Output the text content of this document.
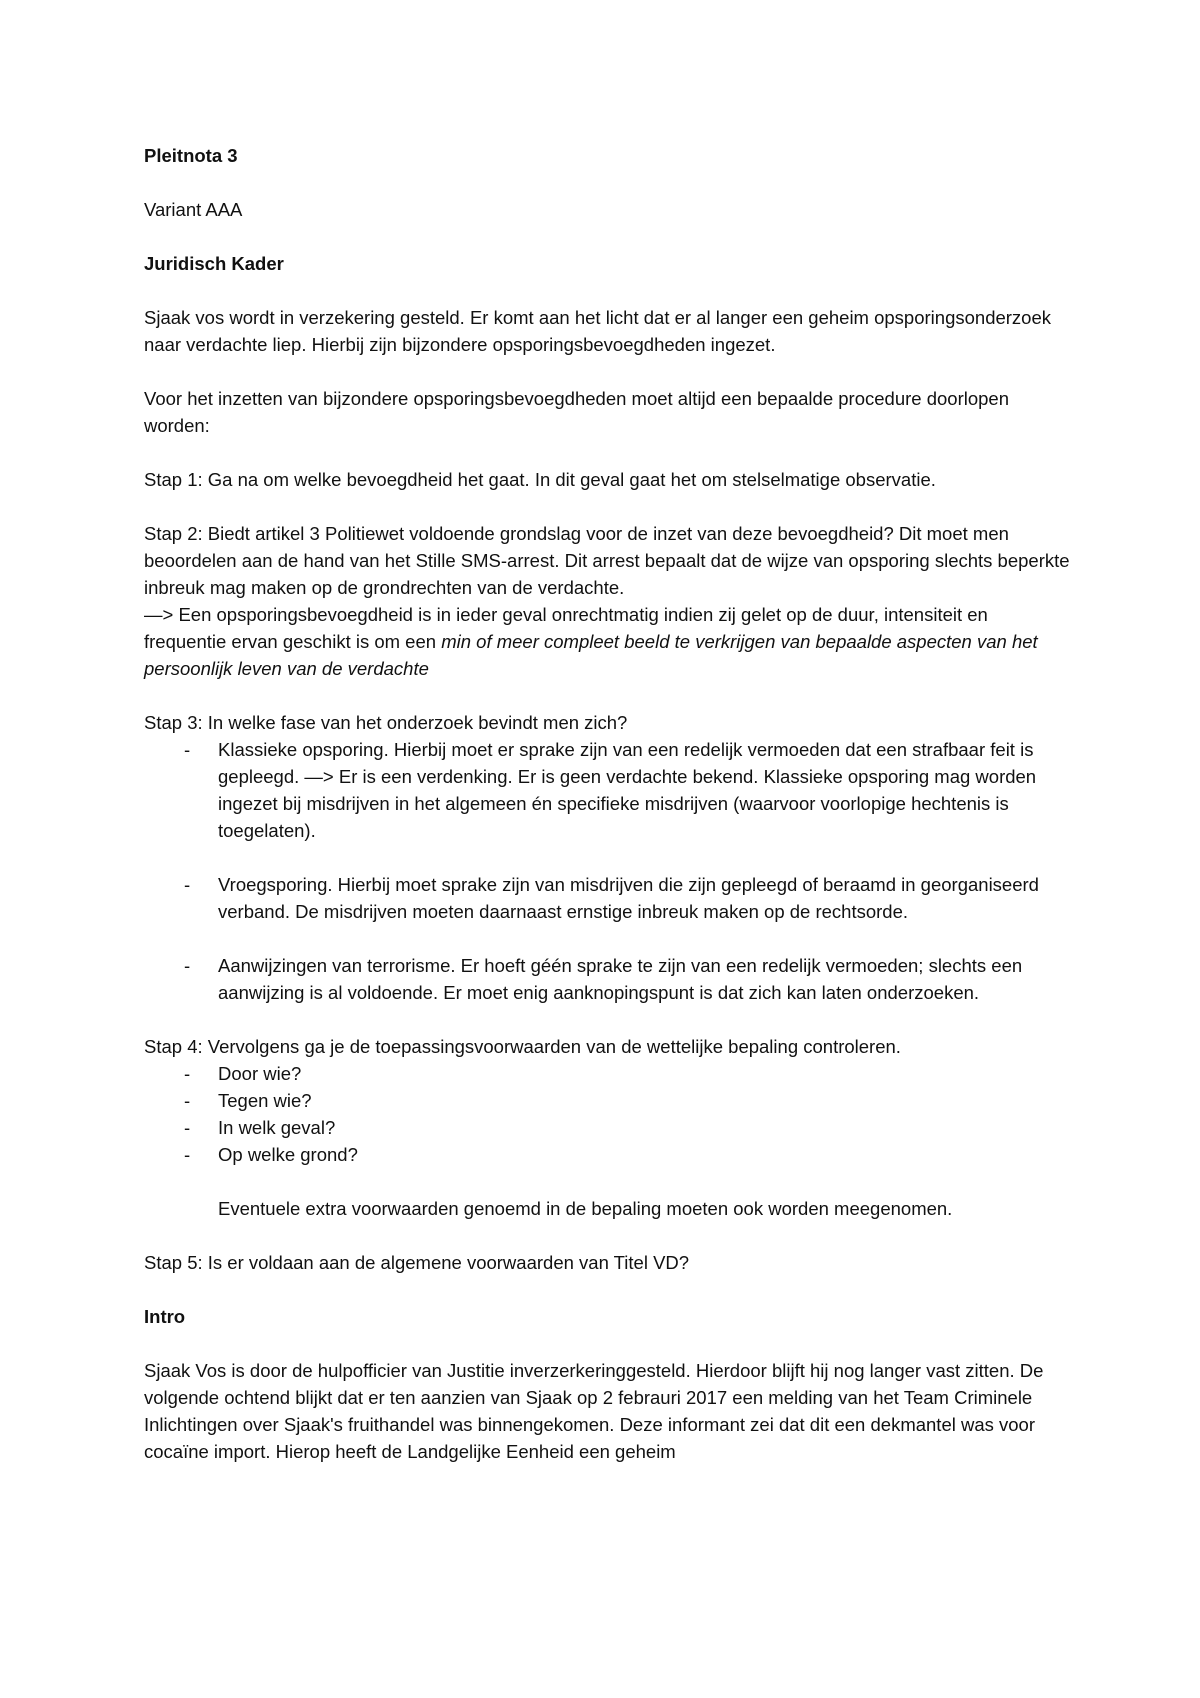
Pleitnota 3

Variant AAA

Juridisch Kader

Sjaak vos wordt in verzekering gesteld. Er komt aan het licht dat er al langer een geheim opsporingsonderzoek naar verdachte liep. Hierbij zijn bijzondere opsporingsbevoegdheden ingezet.

Voor het inzetten van bijzondere opsporingsbevoegdheden moet altijd een bepaalde procedure doorlopen worden:

Stap 1: Ga na om welke bevoegdheid het gaat. In dit geval gaat het om stelselmatige observatie.

Stap 2: Biedt artikel 3 Politiewet voldoende grondslag voor de inzet van deze bevoegdheid? Dit moet men beoordelen aan de hand van het Stille SMS-arrest. Dit arrest bepaalt dat de wijze van opsporing slechts beperkte inbreuk mag maken op de grondrechten van de verdachte.
—> Een opsporingsbevoegdheid is in ieder geval onrechtmatig indien zij gelet op de duur, intensiteit en frequentie ervan geschikt is om een min of meer compleet beeld te verkrijgen van bepaalde aspecten van het persoonlijk leven van de verdachte

Stap 3: In welke fase van het onderzoek bevindt men zich?

- Klassieke opsporing. Hierbij moet er sprake zijn van een redelijk vermoeden dat een strafbaar feit is gepleegd. —> Er is een verdenking. Er is geen verdachte bekend. Klassieke opsporing mag worden ingezet bij misdrijven in het algemeen én specifieke misdrijven (waarvoor voorlopige hechtenis is toegelaten).
- Vroegsporing. Hierbij moet sprake zijn van misdrijven die zijn gepleegd of beraamd in georganiseerd verband. De misdrijven moeten daarnaast ernstige inbreuk maken op de rechtsorde.
- Aanwijzingen van terrorisme. Er hoeft géén sprake te zijn van een redelijk vermoeden; slechts een aanwijzing is al voldoende. Er moet enig aanknopingspunt is dat zich kan laten onderzoeken.

Stap 4: Vervolgens ga je de toepassingsvoorwaarden van de wettelijke bepaling controleren.

- Door wie?
- Tegen wie?
- In welk geval?
- Op welke grond?

Eventuele extra voorwaarden genoemd in de bepaling moeten ook worden meegenomen.

Stap 5: Is er voldaan aan de algemene voorwaarden van Titel VD?

Intro

Sjaak Vos is door de hulpofficier van Justitie inverzerkeringgesteld. Hierdoor blijft hij nog langer vast zitten. De volgende ochtend blijkt dat er ten aanzien van Sjaak op 2 febrauri 2017 een melding van het Team Criminele Inlichtingen over Sjaak's fruithandel was binnengekomen. Deze informant zei dat dit een dekmantel was voor cocaïne import. Hierop heeft de Landgelijke Eenheid een geheim
